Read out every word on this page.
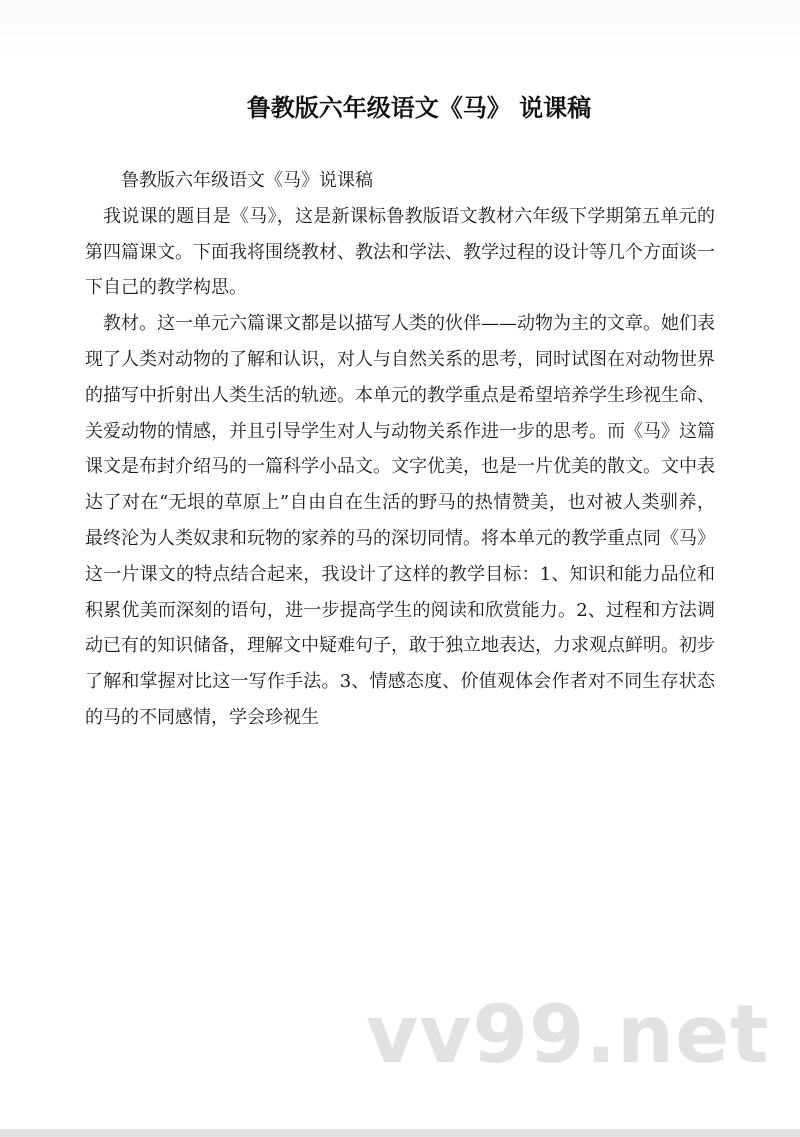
鲁教版六年级语文《马》 说课稿

鲁教版六年级语文《马》说课稿

我说课的题目是《马》，这是新课标鲁教版语文教材六年级下学期第五单元的第四篇课文。下面我将围绕教材、教法和学法、教学过程的设计等几个方面谈一下自己的教学构思。

教材。这一单元六篇课文都是以描写人类的伙伴——动物为主的文章。她们表现了人类对动物的了解和认识，对人与自然关系的思考，同时试图在对动物世界的描写中折射出人类生活的轨迹。本单元的教学重点是希望培养学生珍视生命、关爱动物的情感，并且引导学生对人与动物关系作进一步的思考。而《马》这篇课文是布封介绍马的一篇科学小品文。文字优美，也是一片优美的散文。文中表达了对在“无垠的草原上”自由自在生活的野马的热情赞美，也对被人类驯养，最终沦为人类奴隶和玩物的家养的马的深切同情。将本单元的教学重点同《马》这一片课文的特点结合起来，我设计了这样的教学目标：1、知识和能力品位和积累优美而深刻的语句，进一步提高学生的阅读和欣赏能力。2、过程和方法调动已有的知识储备，理解文中疑难句子，敢于独立地表达，力求观点鲜明。初步了解和掌握对比这一写作手法。3、情感态度、价值观体会作者对不同生存状态的马的不同感情，学会珍视生

vv99.net
